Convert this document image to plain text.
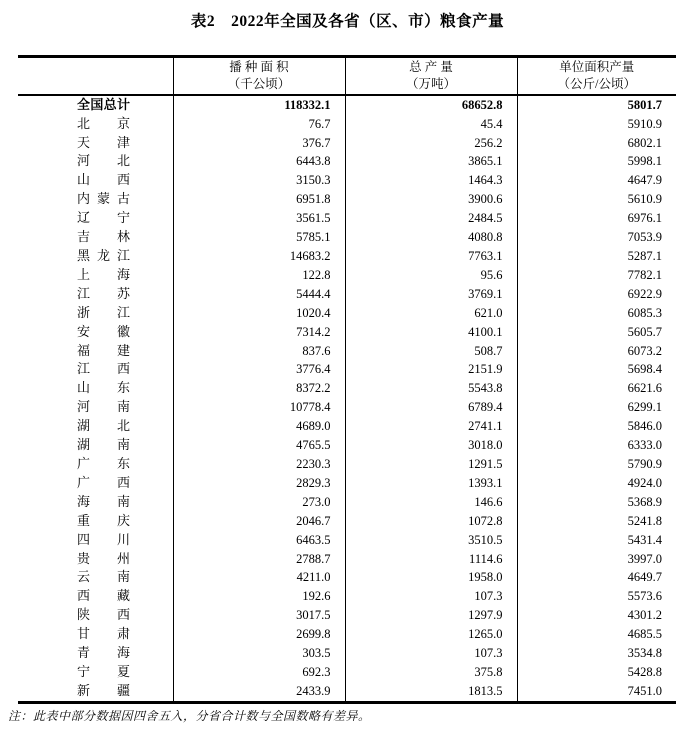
表2　2022年全国及各省（区、市）粮食产量

播 种 面 积
（千公顷）

总 产 量
（万吨）

单位面积产量
（公斤/公顷）

全 国 总 计	118332.1	68652.8	5801.7

北 京	76.7	45.4	5910.9

天 津	376.7	256.2	6802.1

河 北	6443.8	3865.1	5998.1

山 西	3150.3	1464.3	4647.9

内 蒙 古	6951.8	3900.6	5610.9

辽 宁	3561.5	2484.5	6976.1

吉 林	5785.1	4080.8	7053.9

黑 龙 江	14683.2	7763.1	5287.1

上 海	122.8	95.6	7782.1

江 苏	5444.4	3769.1	6922.9

浙 江	1020.4	621.0	6085.3

安 徽	7314.2	4100.1	5605.7

福 建	837.6	508.7	6073.2

江 西	3776.4	2151.9	5698.4

山 东	8372.2	5543.8	6621.6

河 南	10778.4	6789.4	6299.1

湖 北	4689.0	2741.1	5846.0

湖 南	4765.5	3018.0	6333.0

广 东	2230.3	1291.5	5790.9

广 西	2829.3	1393.1	4924.0

海 南	273.0	146.6	5368.9

重 庆	2046.7	1072.8	5241.8

四 川	6463.5	3510.5	5431.4

贵 州	2788.7	1114.6	3997.0

云 南	4211.0	1958.0	4649.7

西 藏	192.6	107.3	5573.6

陕 西	3017.5	1297.9	4301.2

甘 肃	2699.8	1265.0	4685.5

青 海	303.5	107.3	3534.8

宁 夏	692.3	375.8	5428.8

新 疆	2433.9	1813.5	7451.0
注：此表中部分数据因四舍五入，分省合计数与全国数略有差异。
